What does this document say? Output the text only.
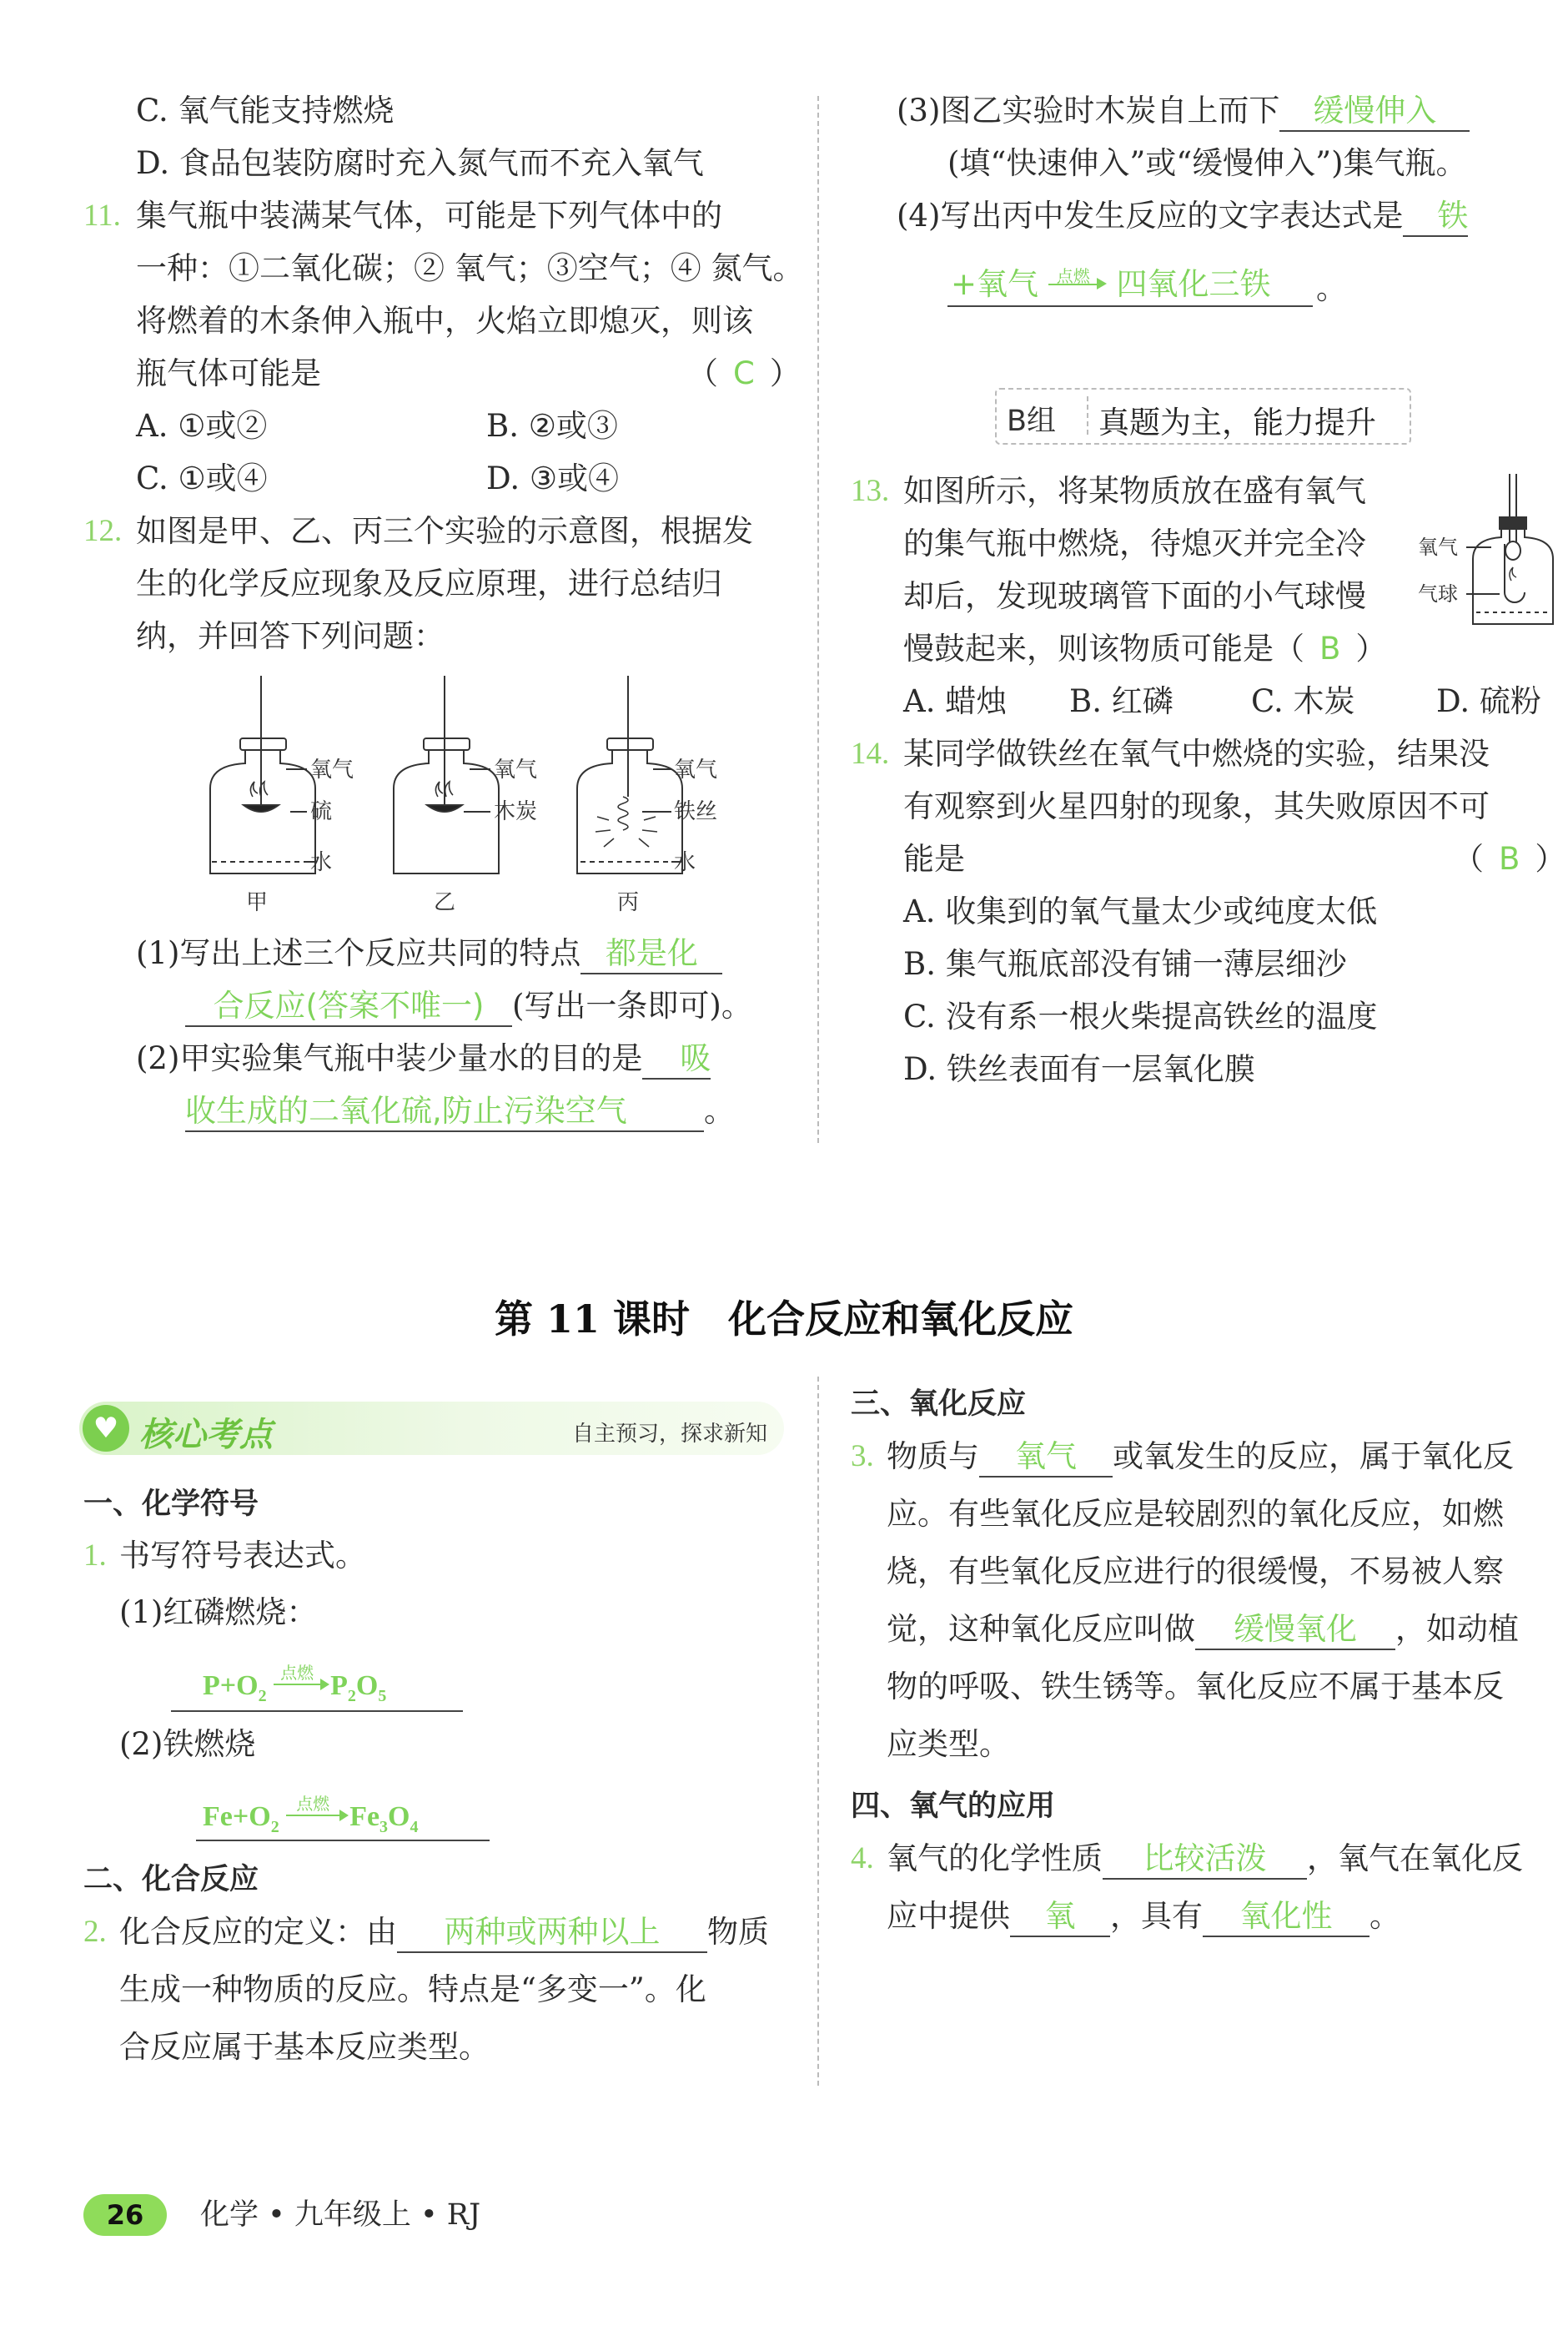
C. 氧气能支持燃烧
D. 食品包装防腐时充入氮气而不充入氧气
11. 集气瓶中装满某气体，可能是下列气体中的
一种：①二氧化碳；② 氧气；③空气；④ 氮气。
将燃着的木条伸入瓶中，火焰立即熄灭，则该
瓶气体可能是	（ C ）
A. ①或②	B. ②或③
C. ①或④	D. ③或④
12. 如图是甲、乙、丙三个实验的示意图，根据发
生的化学反应现象及反应原理，进行总结归
纳，并回答下列问题：
氧气
硫
水
甲
氧气
木炭
乙
氧气
铁丝
水
丙
(1)写出上述三个反应共同的特点 都是化
合反应(答案不唯一) (写出一条即可)。
(2)甲实验集气瓶中装少量水的目的是 吸
收生成的二氧化硫,防止污染空气 。
(3)图乙实验时木炭自上而下 缓慢伸入
(填“快速伸入”或“缓慢伸入”)集气瓶。
(4)写出丙中发生反应的文字表达式是 铁
+氧气 点燃 四氧化三铁 。
B组 真题为主，能力提升
13. 如图所示，将某物质放在盛有氧气
的集气瓶中燃烧，待熄灭并完全冷
却后，发现玻璃管下面的小气球慢
慢鼓起来，则该物质可能是（ B ）
氧气
气球
A. 蜡烛 B. 红磷	C. 木炭	D. 硫粉
14. 某同学做铁丝在氧气中燃烧的实验，结果没
有观察到火星四射的现象，其失败原因不可
能是	（ B ）
A. 收集到的氧气量太少或纯度太低
B. 集气瓶底部没有铺一薄层细沙
C. 没有系一根火柴提高铁丝的温度
D. 铁丝表面有一层氧化膜
第 11 课时　化合反应和氧化反应
♥ 核心考点	自主预习，探求新知
一、化学符号
1. 书写符号表达式。
(1)红磷燃烧：
$P+O_2$
点燃 $P_2O_5$
(2)铁燃烧
$Fe+O_2$
点燃 $Fe_3O_4$
二、化合反应
2. 化合反应的定义：由 两种或两种以上 物质
生成一种物质的反应。特点是“多变一”。化
合反应属于基本反应类型。
三、氧化反应
3. 物质与 氧气 或氧发生的反应，属于氧化反
应。有些氧化反应是较剧烈的氧化反应，如燃
烧，有些氧化反应进行的很缓慢，不易被人察
觉，这种氧化反应叫做 缓慢氧化 ，如动植
物的呼吸、铁生锈等。氧化反应不属于基本反
应类型。
四、氧气的应用
4. 氧气的化学性质 比较活泼 ，氧气在氧化反
应中提供 氧 ，具有 氧化性 。
26	化学 • 九年级上 • RJ
